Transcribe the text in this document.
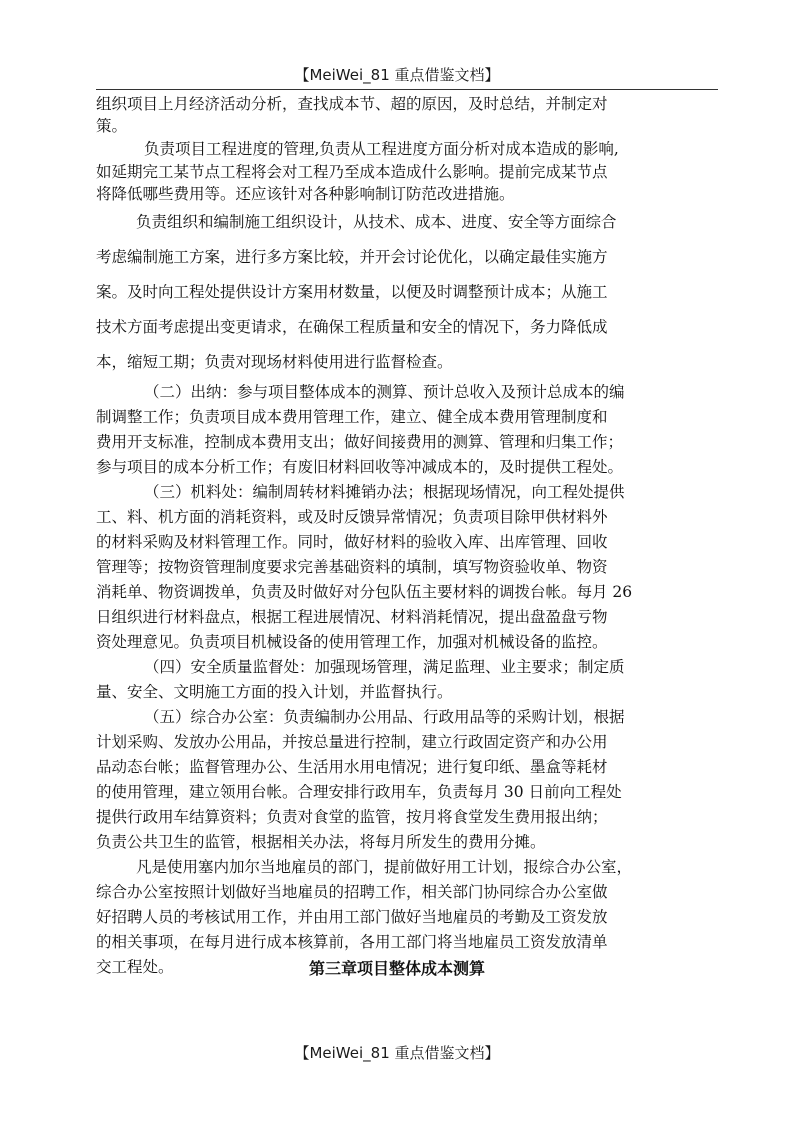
【MeiWei_81 重点借鉴文档】
组织项目上月经济活动分析，查找成本节、超的原因，及时总结，并制定对
策。
负责项目工程进度的管理,负责从工程进度方面分析对成本造成的影响,
如延期完工某节点工程将会对工程乃至成本造成什么影响。提前完成某节点
将降低哪些费用等。还应该针对各种影响制订防范改进措施。
负责组织和编制施工组织设计，从技术、成本、进度、安全等方面综合
考虑编制施工方案，进行多方案比较，并开会讨论优化，以确定最佳实施方
案。及时向工程处提供设计方案用材数量，以便及时调整预计成本；从施工
技术方面考虑提出变更请求，在确保工程质量和安全的情况下，务力降低成
本，缩短工期；负责对现场材料使用进行监督检查。
（二）出纳：参与项目整体成本的测算、预计总收入及预计总成本的编
制调整工作；负责项目成本费用管理工作，建立、健全成本费用管理制度和
费用开支标准，控制成本费用支出；做好间接费用的测算、管理和归集工作；
参与项目的成本分析工作；有废旧材料回收等冲减成本的，及时提供工程处。
（三）机料处：编制周转材料摊销办法；根据现场情况，向工程处提供
工、料、机方面的消耗资料，或及时反馈异常情况；负责项目除甲供材料外
的材料采购及材料管理工作。同时，做好材料的验收入库、出库管理、回收
管理等；按物资管理制度要求完善基础资料的填制，填写物资验收单、物资
消耗单、物资调拨单，负责及时做好对分包队伍主要材料的调拨台帐。每月 26
日组织进行材料盘点，根据工程进展情况、材料消耗情况，提出盘盈盘亏物
资处理意见。负责项目机械设备的使用管理工作，加强对机械设备的监控。
（四）安全质量监督处：加强现场管理，满足监理、业主要求；制定质
量、安全、文明施工方面的投入计划，并监督执行。
（五）综合办公室：负责编制办公用品、行政用品等的采购计划，根据
计划采购、发放办公用品，并按总量进行控制，建立行政固定资产和办公用
品动态台帐；监督管理办公、生活用水用电情况；进行复印纸、墨盒等耗材
的使用管理，建立领用台帐。合理安排行政用车，负责每月 30 日前向工程处
提供行政用车结算资料；负责对食堂的监管，按月将食堂发生费用报出纳；
负责公共卫生的监管，根据相关办法，将每月所发生的费用分摊。
凡是使用塞内加尔当地雇员的部门，提前做好用工计划，报综合办公室，
综合办公室按照计划做好当地雇员的招聘工作，相关部门协同综合办公室做
好招聘人员的考核试用工作，并由用工部门做好当地雇员的考勤及工资发放
的相关事项，在每月进行成本核算前，各用工部门将当地雇员工资发放清单
交工程处。	第三章项目整体成本测算
【MeiWei_81 重点借鉴文档】
